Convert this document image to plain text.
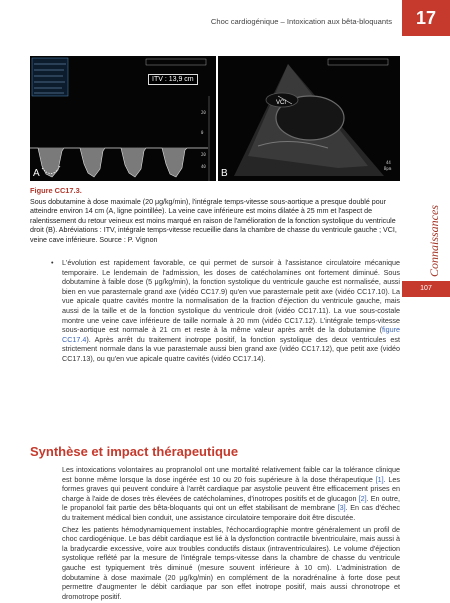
Choc cardiogénique – Intoxication aux bêta-bloquants	17
Connaissances
107
20
0
20
40
ITV : 13,9 cm
A
44
Bpm
VCI
B
Figure CC17.3.
Sous dobutamine à dose maximale (20 μg/kg/min), l'intégrale temps-vitesse sous-aortique a presque doublé pour atteindre environ 14 cm (A, ligne pointillée). La veine cave inférieure est moins dilatée à 25 mm et l'aspect de ralentissement du retour veineux est moins marqué en raison de l'amélioration de la fonction systolique du ventricule droit (B). Abréviations : ITV, intégrale temps-vitesse recueillie dans la chambre de chasse du ventricule gauche ; VCI, veine cave inférieure. Source : P. Vignon
• L'évolution est rapidement favorable, ce qui permet de sursoir à l'assistance circulatoire mécanique temporaire. Le lendemain de l'admission, les doses de catécholamines ont fortement diminué. Sous dobutamine à faible dose (5 μg/kg/min), la fonction systolique du ventricule gauche est normalisée, aussi bien en vue parasternale grand axe (vidéo CC17.9) qu'en vue parasternale petit axe (vidéo CC17.10). La vue apicale quatre cavités montre la normalisation de la fraction d'éjection du ventricule gauche, mais aussi de la taille et de la fonction systolique du ventricule droit (vidéo CC17.11). La vue sous-costale montre une veine cave inférieure de taille normale à 20 mm (vidéo CC17.12). L'intégrale temps-vitesse sous-aortique est normale à 21 cm et reste à la même valeur après arrêt de la dobutamine (figure CC17.4). Après arrêt du traitement inotrope positif, la fonction systolique des deux ventricules est strictement normale dans la vue parasternale aussi bien grand axe (vidéo CC17.12), que petit axe (vidéo CC17.13), ou qu'en vue apicale quatre cavités (vidéo CC17.14).
Synthèse et impact thérapeutique

Les intoxications volontaires au propranolol ont une mortalité relativement faible car la tolérance clinique est bonne même lorsque la dose ingérée est 10 ou 20 fois supérieure à la dose thérapeutique [1]. Les formes graves qui peuvent conduire à l'arrêt cardiaque par asystolie peuvent être efficacement prises en charge à l'aide de doses très élevées de catécholamines, d'inotropes positifs et de glucagon [2]. En outre, le propanolol fait partie des bêta-bloquants qui ont un effet stabilisant de membrane [3]. En cas d'échec du traitement médical bien conduit, une assistance circulatoire temporaire doit être discutée.

Chez les patients hémodynamiquement instables, l'échocardiographie montre généralement un profil de choc cardiogénique. Le bas débit cardiaque est lié à la dysfonction contractile biventriculaire, mais aussi à la bradycardie excessive, voire aux troubles conductifs distaux (intraventriculaires). Le volume d'éjection systolique reflété par la mesure de l'intégrale temps-vitesse dans la chambre de chasse du ventricule gauche est typiquement très diminué (mesure souvent inférieure à 10 cm). L'administration de dobutamine à dose maximale (20 μg/kg/min) en complément de la noradrénaline à forte dose peut permettre d'augmenter le débit cardiaque par son effet inotrope positif, mais aussi chronotrope et dromotrope positif.
